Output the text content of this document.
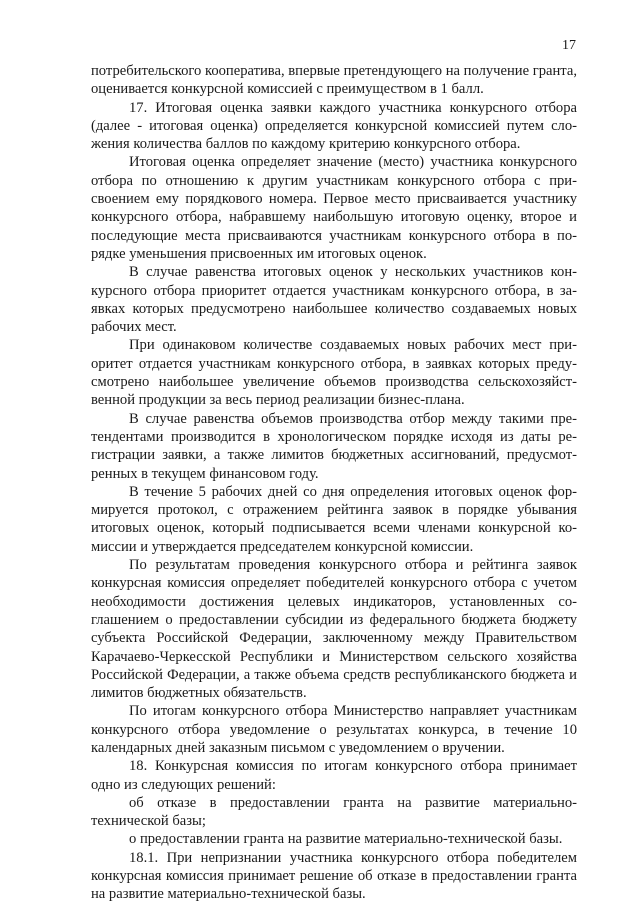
17

потребительского кооператива, впервые претендующего на получение гранта, оценивается конкурсной комиссией с преимуществом в 1 балл.

17. Итоговая оценка заявки каждого участника конкурсного отбора (далее - итоговая оценка) определяется конкурсной комиссией путем сложения количества баллов по каждому критерию конкурсного отбора.

Итоговая оценка определяет значение (место) участника конкурсного отбора по отношению к другим участникам конкурсного отбора с присвоением ему порядкового номера. Первое место присваивается участнику конкурсного отбора, набравшему наибольшую итоговую оценку, второе и последующие места присваиваются участникам конкурсного отбора в порядке уменьшения присвоенных им итоговых оценок.

В случае равенства итоговых оценок у нескольких участников конкурсного отбора приоритет отдается участникам конкурсного отбора, в заявках которых предусмотрено наибольшее количество создаваемых новых рабочих мест.

При одинаковом количестве создаваемых новых рабочих мест приоритет отдается участникам конкурсного отбора, в заявках которых предусмотрено наибольшее увеличение объемов производства сельскохозяйственной продукции за весь период реализации бизнес-плана.

В случае равенства объемов производства отбор между такими претендентами производится в хронологическом порядке исходя из даты регистрации заявки, а также лимитов бюджетных ассигнований, предусмотренных в текущем финансовом году.

В течение 5 рабочих дней со дня определения итоговых оценок формируется протокол, с отражением рейтинга заявок в порядке убывания итоговых оценок, который подписывается всеми членами конкурсной комиссии и утверждается председателем конкурсной комиссии.

По результатам проведения конкурсного отбора и рейтинга заявок конкурсная комиссия определяет победителей конкурсного отбора с учетом необходимости достижения целевых индикаторов, установленных соглашением о предоставлении субсидии из федерального бюджета бюджету субъекта Российской Федерации, заключенному между Правительством Карачаево-Черкесской Республики и Министерством сельского хозяйства Российской Федерации, а также объема средств республиканского бюджета и лимитов бюджетных обязательств.

По итогам конкурсного отбора Министерство направляет участникам конкурсного отбора уведомление о результатах конкурса, в течение 10 календарных дней заказным письмом с уведомлением о вручении.

18. Конкурсная комиссия по итогам конкурсного отбора принимает одно из следующих решений:

об отказе в предоставлении гранта на развитие материально-технической базы;

о предоставлении гранта на развитие материально-технической базы.

18.1. При непризнании участника конкурсного отбора победителем конкурсная комиссия принимает решение об отказе в предоставлении гранта на развитие материально-технической базы.
